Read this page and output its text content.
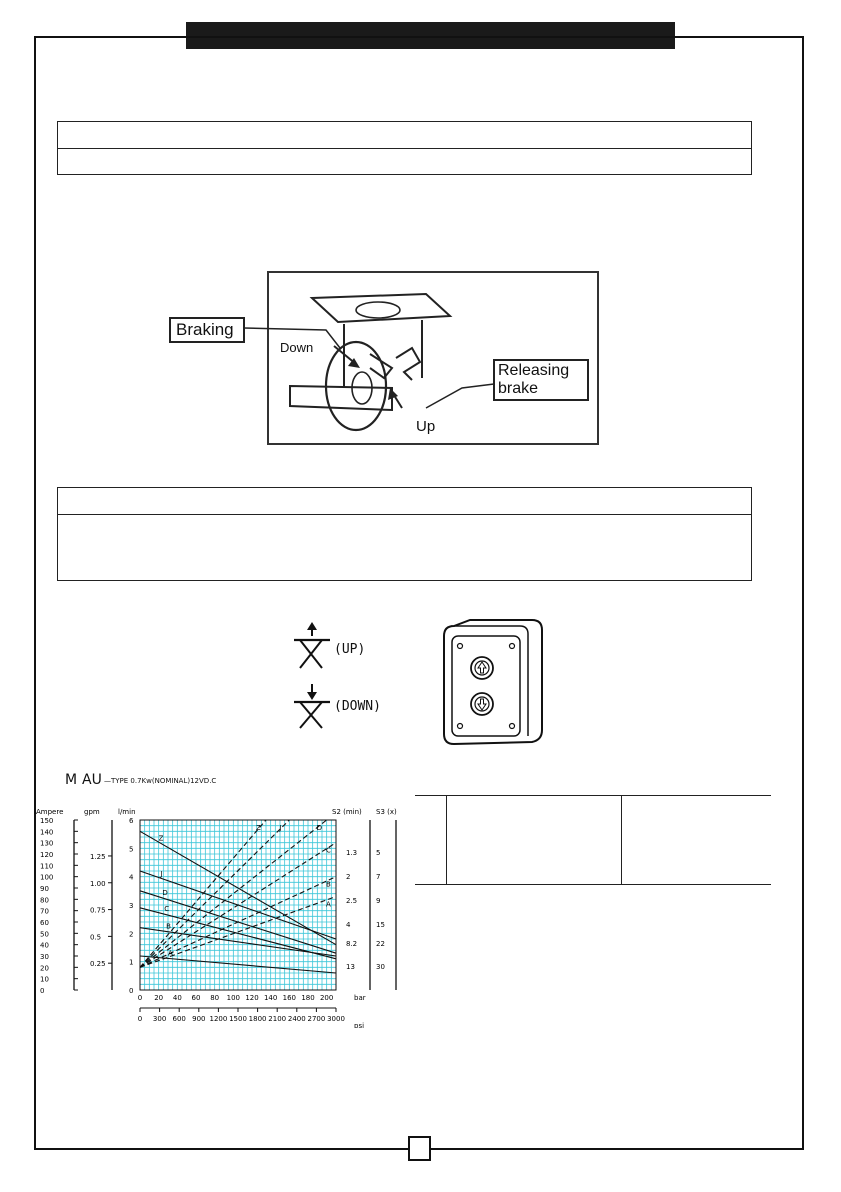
Braking
Down
Releasing
brake
Up
(UP)
(DOWN)
M AU —TYPE 0.7Kw(NOMINAL)12VD.C
Ampere
0
10
20
30
40
50
60
70
80
90
100
110
120
130
140
150
gpm
0.25
0.5
0.75
1.00
1.25
l/min
0
1
2
3
4
5
6
S2 (min) S3 (x)
1.3
2
2.5
4
8.2
13
5
7
9
15
22
30
0 20 40 60 80 100 120 140 160 180 200	bar
0 300 600 900 1200 1500 1800 2100 2400 2700 3000
psi
Z	J	D
C
B
A
Z
J
D
C
B
A
